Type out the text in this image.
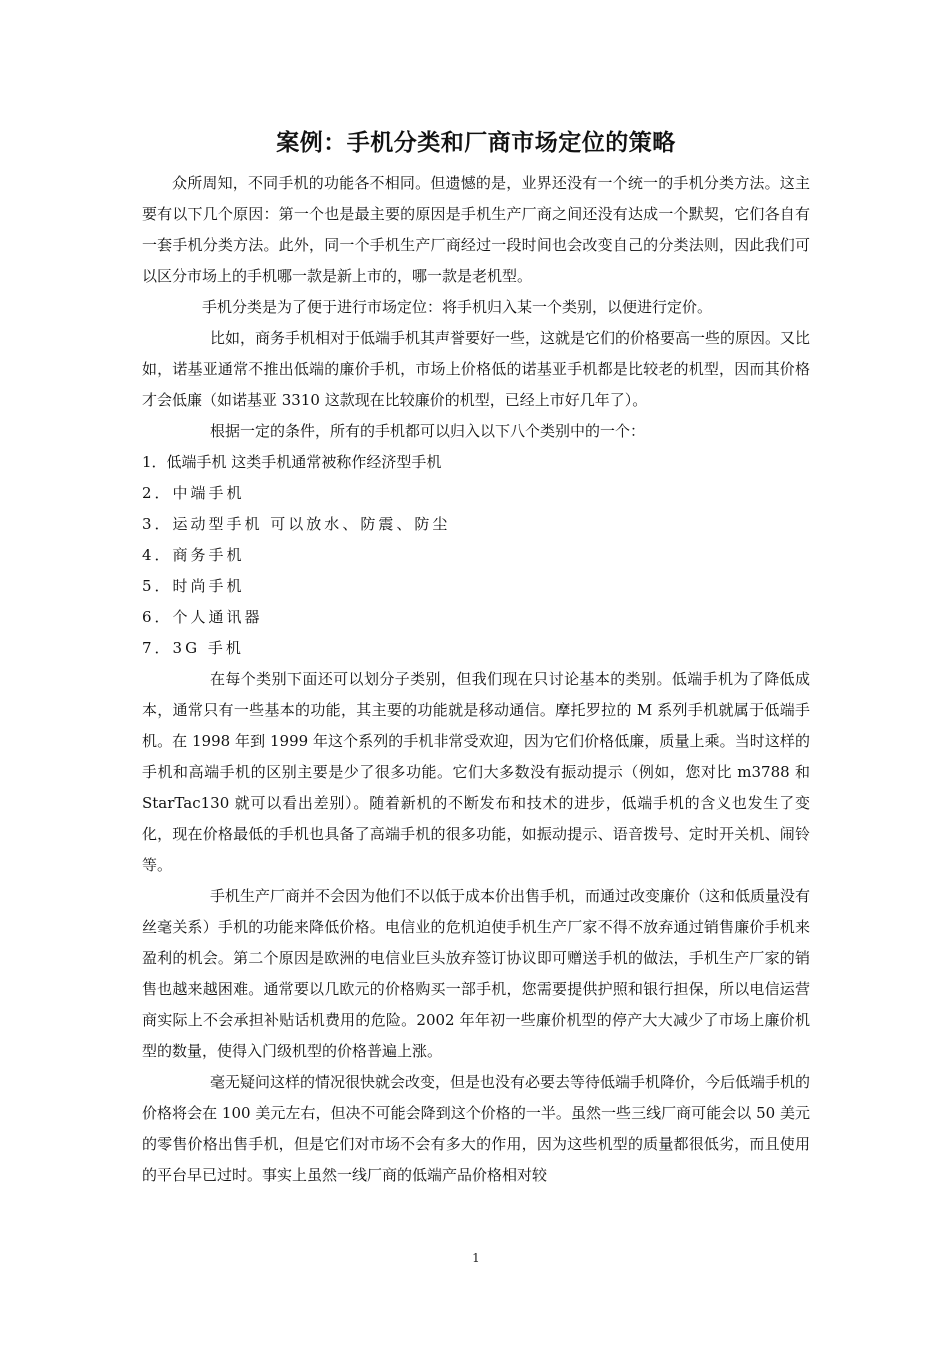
案例：手机分类和厂商市场定位的策略

众所周知，不同手机的功能各不相同。但遗憾的是，业界还没有一个统一的手机分类方法。这主要有以下几个原因：第一个也是最主要的原因是手机生产厂商之间还没有达成一个默契，它们各自有一套手机分类方法。此外，同一个手机生产厂商经过一段时间也会改变自己的分类法则，因此我们可以区分市场上的手机哪一款是新上市的，哪一款是老机型。

手机分类是为了便于进行市场定位：将手机归入某一个类别，以便进行定价。

比如，商务手机相对于低端手机其声誉要好一些，这就是它们的价格要高一些的原因。又比如，诺基亚通常不推出低端的廉价手机，市场上价格低的诺基亚手机都是比较老的机型，因而其价格才会低廉（如诺基亚 3310 这款现在比较廉价的机型，已经上市好几年了）。

根据一定的条件，所有的手机都可以归入以下八个类别中的一个：

1．低端手机 这类手机通常被称作经济型手机

2．中端手机

3．运动型手机 可以放水、防震、防尘

4．商务手机

5．时尚手机

6．个人通讯器

7．3G 手机

在每个类别下面还可以划分子类别，但我们现在只讨论基本的类别。低端手机为了降低成本，通常只有一些基本的功能，其主要的功能就是移动通信。摩托罗拉的 M 系列手机就属于低端手机。在 1998 年到 1999 年这个系列的手机非常受欢迎，因为它们价格低廉，质量上乘。当时这样的手机和高端手机的区别主要是少了很多功能。它们大多数没有振动提示（例如，您对比 m3788 和 StarTac130 就可以看出差别）。随着新机的不断发布和技术的进步，低端手机的含义也发生了变化，现在价格最低的手机也具备了高端手机的很多功能，如振动提示、语音拨号、定时开关机、闹铃等。

手机生产厂商并不会因为他们不以低于成本价出售手机，而通过改变廉价（这和低质量没有丝毫关系）手机的功能来降低价格。电信业的危机迫使手机生产厂家不得不放弃通过销售廉价手机来盈利的机会。第二个原因是欧洲的电信业巨头放弃签订协议即可赠送手机的做法，手机生产厂家的销售也越来越困难。通常要以几欧元的价格购买一部手机，您需要提供护照和银行担保，所以电信运营商实际上不会承担补贴话机费用的危险。2002 年年初一些廉价机型的停产大大减少了市场上廉价机型的数量，使得入门级机型的价格普遍上涨。

毫无疑问这样的情况很快就会改变，但是也没有必要去等待低端手机降价，今后低端手机的价格将会在 100 美元左右，但决不可能会降到这个价格的一半。虽然一些三线厂商可能会以 50 美元的零售价格出售手机，但是它们对市场不会有多大的作用，因为这些机型的质量都很低劣，而且使用的平台早已过时。事实上虽然一线厂商的低端产品价格相对较

1
